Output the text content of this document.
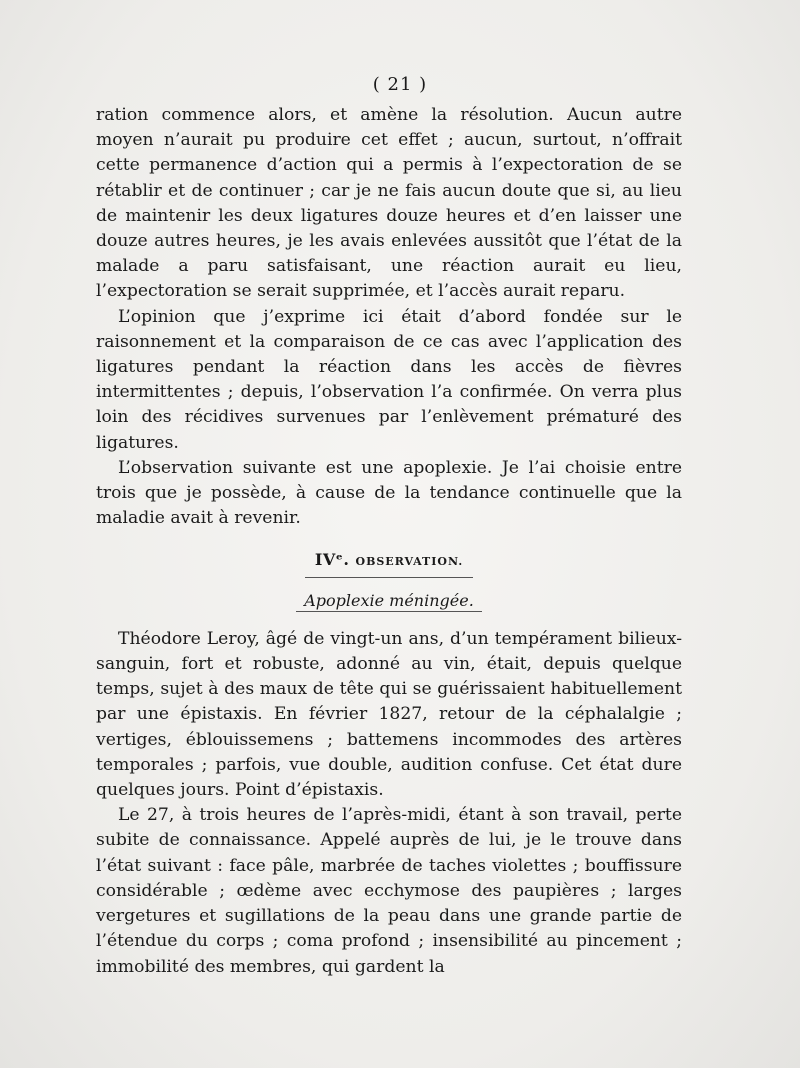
( 21 )

ration commence alors, et amène la résolution. Aucun autre moyen n’aurait pu produire cet effet ; aucun, surtout, n’offrait cette permanence d’action qui a permis à l’expectoration de se rétablir et de continuer ; car je ne fais aucun doute que si, au lieu de maintenir les deux ligatures douze heures et d’en laisser une douze autres heures, je les avais enlevées aussitôt que l’état de la malade a paru satisfaisant, une réaction aurait eu lieu, l’expectoration se serait supprimée, et l’accès aurait reparu.

L’opinion que j’exprime ici était d’abord fondée sur le raisonnement et la comparaison de ce cas avec l’application des ligatures pendant la réaction dans les accès de fièvres intermittentes ; depuis, l’observation l’a confirmée. On verra plus loin des récidives survenues par l’enlèvement prématuré des ligatures.

L’observation suivante est une apoplexie. Je l’ai choisie entre trois que je possède, à cause de la tendance continuelle que la maladie avait à revenir.

IVᵉ. OBSERVATION.
Apoplexie méningée.

Théodore Leroy, âgé de vingt-un ans, d’un tempérament bilieux-sanguin, fort et robuste, adonné au vin, était, depuis quelque temps, sujet à des maux de tête qui se guérissaient habituellement par une épistaxis. En février 1827, retour de la céphalalgie ; vertiges, éblouissemens ; battemens incommodes des artères temporales ; parfois, vue double, audition confuse. Cet état dure quelques jours. Point d’épistaxis.

Le 27, à trois heures de l’après-midi, étant à son travail, perte subite de connaissance. Appelé auprès de lui, je le trouve dans l’état suivant : face pâle, marbrée de taches violettes ; bouffissure considérable ; œdème avec ecchymose des paupières ; larges vergetures et sugillations de la peau dans une grande partie de l’étendue du corps ; coma profond ; insensibilité au pincement ; immobilité des membres, qui gardent la
